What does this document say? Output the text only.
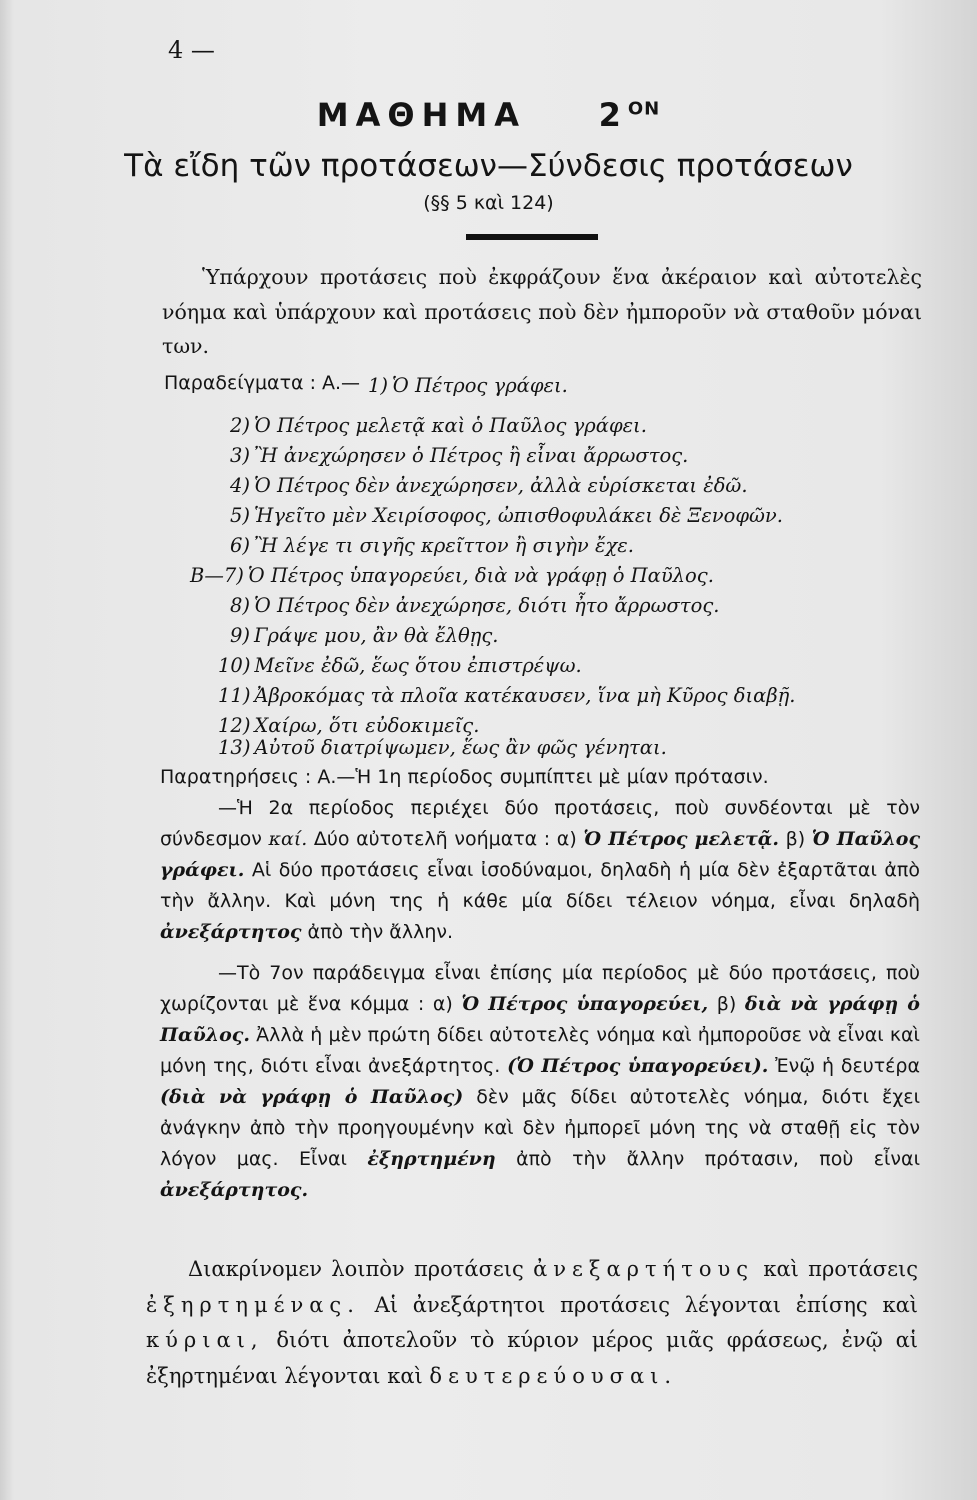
4 —
ΜΑΘΗΜΑ $2^{ON}$
Τὰ εἴδη τῶν προτάσεων—Σύνδεσις προτάσεων
(§§ 5 καὶ 124)
Ὑπάρχουν προτάσεις ποὺ ἐκφράζουν ἕνα ἀκέραιον καὶ αὐτοτελὲς νόημα καὶ ὑπάρχουν καὶ προτάσεις ποὺ δὲν ἠμποροῦν νὰ σταθοῦν μόναι των.
Παραδείγματα : Α.— 1) Ὁ Πέτρος γράφει.
2) Ὁ Πέτρος μελετᾷ καὶ ὁ Παῦλος γράφει.
3) Ἢ ἀνεχώρησεν ὁ Πέτρος ἢ εἶναι ἄρρωστος.
4) Ὁ Πέτρος δὲν ἀνεχώρησεν, ἀλλὰ εὑρίσκεται ἐδῶ.
5) Ἡγεῖτο μὲν Χειρίσοφος, ὠπισθοφυλάκει δὲ Ξενοφῶν.
6) Ἢ λέγε τι σιγῆς κρεῖττον ἢ σιγὴν ἔχε.
Β—7) Ὁ Πέτρος ὑπαγορεύει, διὰ νὰ γράφῃ ὁ Παῦλος.
8) Ὁ Πέτρος δὲν ἀνεχώρησε, διότι ἦτο ἄρρωστος.
9) Γράψε μου, ἂν θὰ ἔλθῃς.
10) Μεῖνε ἐδῶ, ἕως ὅτου ἐπιστρέψω.
11) Ἀβροκόμας τὰ πλοῖα κατέκαυσεν, ἵνα μὴ Κῦρος διαβῇ.
12) Χαίρω, ὅτι εὐδοκιμεῖς.
13) Αὐτοῦ διατρίψωμεν, ἕως ἂν φῶς γένηται.

Παρατηρήσεις : Α.—Ἡ 1η περίοδος συμπίπτει μὲ μίαν πρότασιν.

—Ἡ 2α περίοδος περιέχει δύο προτάσεις, ποὺ συνδέονται μὲ τὸν σύνδεσμον καί. Δύο αὐτοτελῆ νοήματα : α) Ὁ Πέτρος μελετᾷ. β) Ὁ Παῦλος γράφει. Αἱ δύο προτάσεις εἶναι ἰσοδύναμοι, δηλαδὴ ἡ μία δὲν ἐξαρτᾶται ἀπὸ τὴν ἄλλην. Καὶ μόνη της ἡ κάθε μία δίδει τέλειον νόημα, εἶναι δηλαδὴ ἀνεξάρτητος ἀπὸ τὴν ἄλλην.

—Τὸ 7ον παράδειγμα εἶναι ἐπίσης μία περίοδος μὲ δύο προτάσεις, ποὺ χωρίζονται μὲ ἕνα κόμμα : α) Ὁ Πέτρος ὑπαγορεύει, β) διὰ νὰ γράφῃ ὁ Παῦλος. Ἀλλὰ ἡ μὲν πρώτη δίδει αὐτοτελὲς νόημα καὶ ἠμποροῦσε νὰ εἶναι καὶ μόνη της, διότι εἶναι ἀνεξάρτητος. (Ὁ Πέτρος ὑπαγορεύει). Ἐνῷ ἡ δευτέρα (διὰ νὰ γράφῃ ὁ Παῦλος) δὲν μᾶς δίδει αὐτοτελὲς νόημα, διότι ἔχει ἀνάγκην ἀπὸ τὴν προηγουμένην καὶ δὲν ἠμπορεῖ μόνη της νὰ σταθῇ εἰς τὸν λόγον μας. Εἶναι ἐξηρτημένη ἀπὸ τὴν ἄλλην πρότασιν, ποὺ εἶναι ἀνεξάρτητος.

Διακρίνομεν λοιπὸν προτάσεις ἀνεξαρτήτους καὶ προτάσεις ἐξηρτημένας. Αἱ ἀνεξάρτητοι προτάσεις λέγονται ἐπίσης καὶ κύριαι, διότι ἀποτελοῦν τὸ κύριον μέρος μιᾶς φράσεως, ἐνῷ αἱ ἐξηρτημέναι λέγονται καὶ δευτερεύουσαι.
